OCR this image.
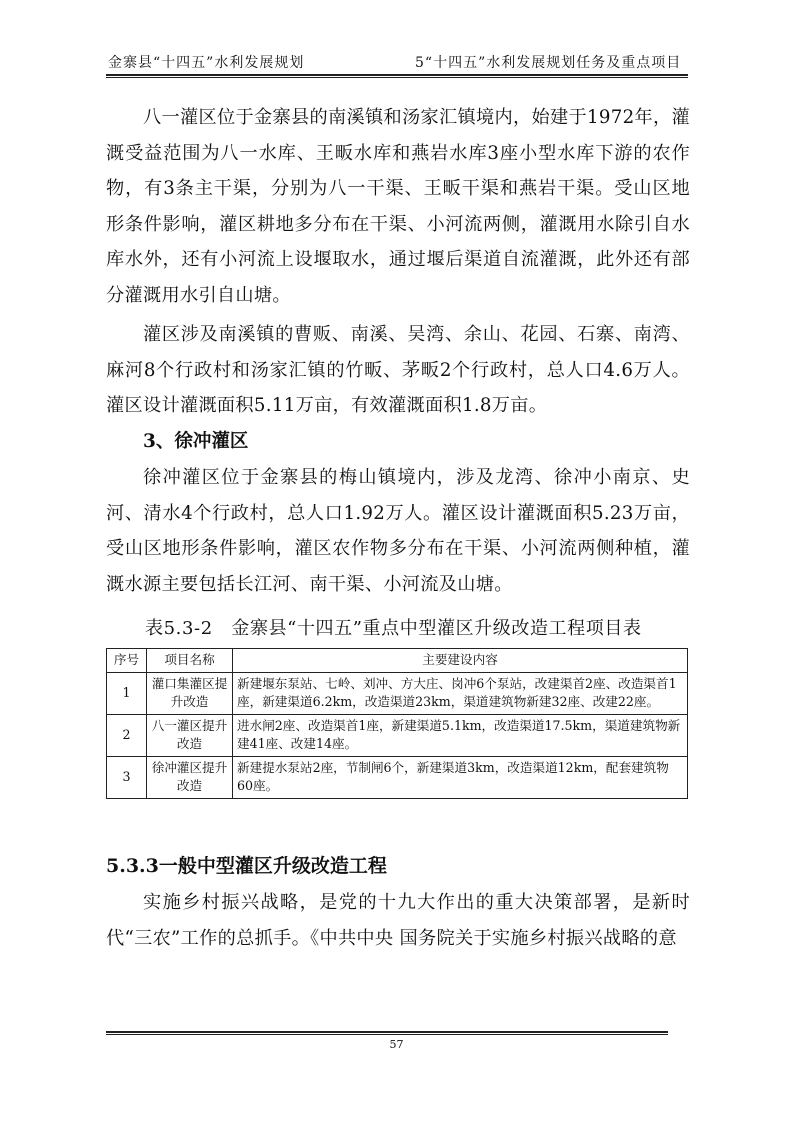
金寨县“十四五”水利发展规划	5“十四五”水利发展规划任务及重点项目

八一灌区位于金寨县的南溪镇和汤家汇镇境内，始建于1972年，灌溉受益范围为八一水库、王畈水库和燕岩水库3座小型水库下游的农作物，有3条主干渠，分别为八一干渠、王畈干渠和燕岩干渠。受山区地形条件影响，灌区耕地多分布在干渠、小河流两侧，灌溉用水除引自水库水外，还有小河流上设堰取水，通过堰后渠道自流灌溉，此外还有部分灌溉用水引自山塘。

灌区涉及南溪镇的曹贩、南溪、吴湾、余山、花园、石寨、南湾、麻河8个行政村和汤家汇镇的竹畈、茅畈2个行政村，总人口4.6万人。灌区设计灌溉面积5.11万亩，有效灌溉面积1.8万亩。

3、徐冲灌区

徐冲灌区位于金寨县的梅山镇境内，涉及龙湾、徐冲小南京、史河、清水4个行政村，总人口1.92万人。灌区设计灌溉面积5.23万亩，受山区地形条件影响，灌区农作物多分布在干渠、小河流两侧种植，灌溉水源主要包括长江河、南干渠、小河流及山塘。

表5.3-2　金寨县“十四五”重点中型灌区升级改造工程项目表
序号	项目名称	主要建设内容
1	灌口集灌区提升改造	新建堰东泵站、七岭、刘冲、方大庄、岗冲6个泵站，改建渠首2座、改造渠首1座，新建渠道6.2km，改造渠道23km，渠道建筑物新建32座、改建22座。
2	八一灌区提升改造	进水闸2座、改造渠首1座，新建渠道5.1km，改造渠道17.5km，渠道建筑物新建41座、改建14座。
3	徐冲灌区提升改造	新建提水泵站2座，节制闸6个，新建渠道3km，改造渠道12km，配套建筑物60座。
5.3.3一般中型灌区升级改造工程

实施乡村振兴战略，是党的十九大作出的重大决策部署，是新时代“三农”工作的总抓手。《中共中央 国务院关于实施乡村振兴战略的意

57
